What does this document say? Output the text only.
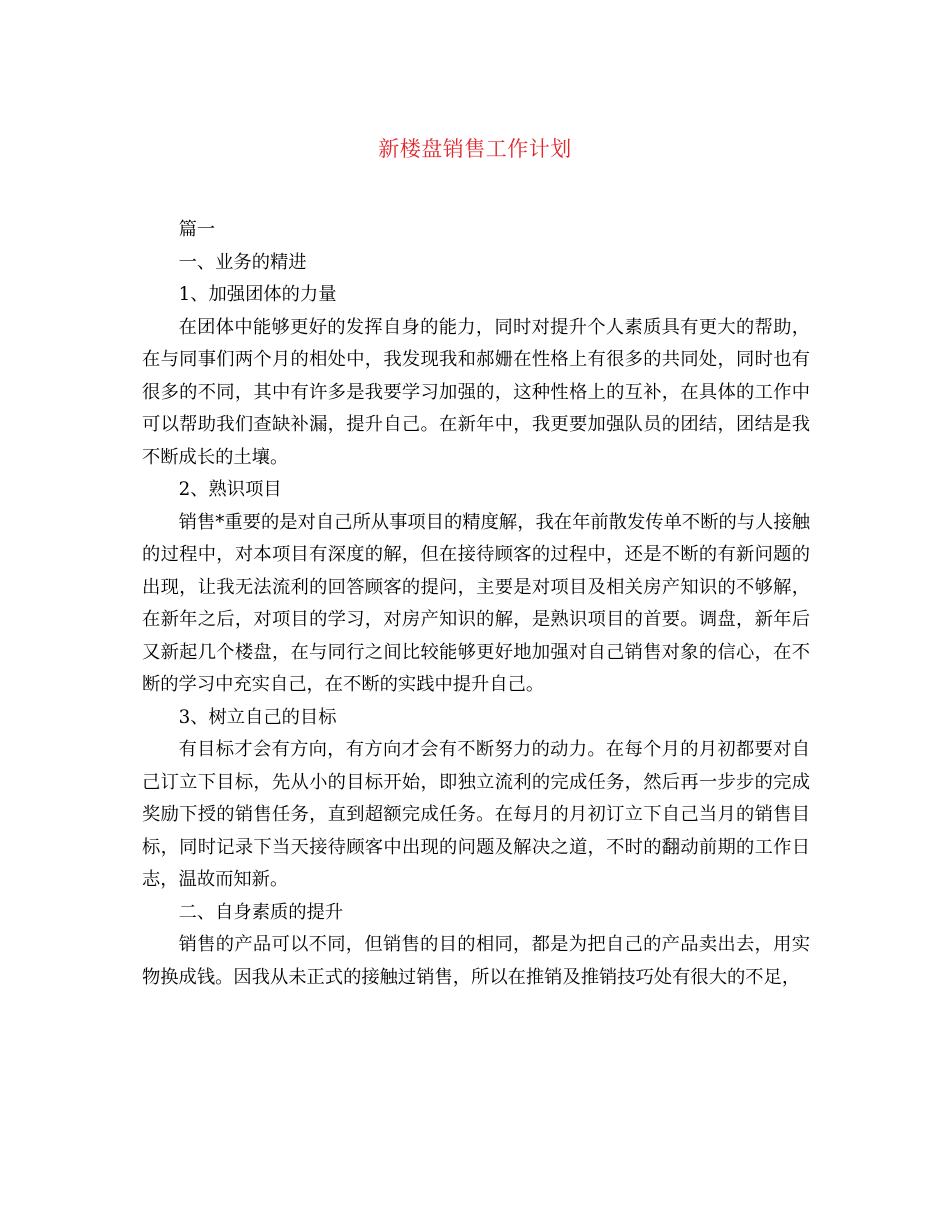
新楼盘销售工作计划

篇一

一、业务的精进

1、加强团体的力量

在团体中能够更好的发挥自身的能力，同时对提升个人素质具有更大的帮助，在与同事们两个月的相处中，我发现我和郝姗在性格上有很多的共同处，同时也有很多的不同，其中有许多是我要学习加强的，这种性格上的互补，在具体的工作中可以帮助我们查缺补漏，提升自己。在新年中，我更要加强队员的团结，团结是我不断成长的土壤。

2、熟识项目

销售*重要的是对自己所从事项目的精度解，我在年前散发传单不断的与人接触的过程中，对本项目有深度的解，但在接待顾客的过程中，还是不断的有新问题的出现，让我无法流利的回答顾客的提问，主要是对项目及相关房产知识的不够解，在新年之后，对项目的学习，对房产知识的解，是熟识项目的首要。调盘，新年后又新起几个楼盘，在与同行之间比较能够更好地加强对自己销售对象的信心，在不断的学习中充实自己，在不断的实践中提升自己。

3、树立自己的目标

有目标才会有方向，有方向才会有不断努力的动力。在每个月的月初都要对自己订立下目标，先从小的目标开始，即独立流利的完成任务，然后再一步步的完成奖励下授的销售任务，直到超额完成任务。在每月的月初订立下自己当月的销售目标，同时记录下当天接待顾客中出现的问题及解决之道，不时的翻动前期的工作日志，温故而知新。

二、自身素质的提升

销售的产品可以不同，但销售的目的相同，都是为把自己的产品卖出去，用实物换成钱。因我从未正式的接触过销售，所以在推销及推销技巧处有很大的不足，
